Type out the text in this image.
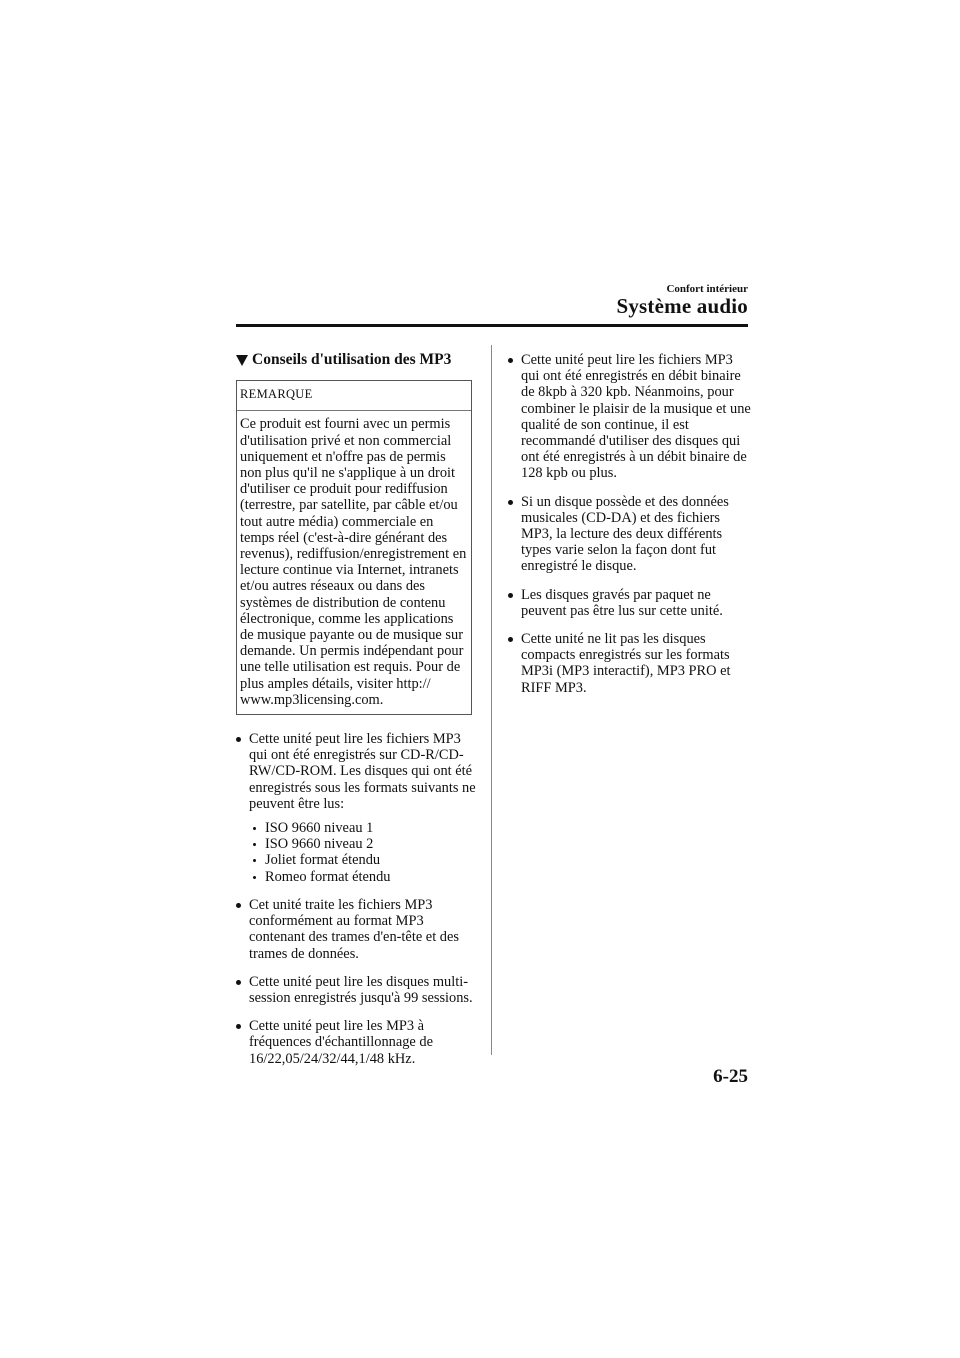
Confort intérieur
Système audio
Conseils d'utilisation des MP3
REMARQUE
Ce produit est fourni avec un permis d'utilisation privé et non commercial uniquement et n'offre pas de permis non plus qu'il ne s'applique à un droit d'utiliser ce produit pour rediffusion (terrestre, par satellite, par câble et/ou tout autre média) commerciale en temps réel (c'est-à-dire générant des revenus), rediffusion/enregistrement en lecture continue via Internet, intranets et/ou autres réseaux ou dans des systèmes de distribution de contenu électronique, comme les applications de musique payante ou de musique sur demande. Un permis indépendant pour une telle utilisation est requis. Pour de plus amples détails, visiter http:// www.mp3licensing.com.
Cette unité peut lire les fichiers MP3 qui ont été enregistrés sur CD-R/CD-RW/CD-ROM. Les disques qui ont été enregistrés sous les formats suivants ne peuvent être lus:
ISO 9660 niveau 1
ISO 9660 niveau 2
Joliet format étendu
Romeo format étendu
Cet unité traite les fichiers MP3 conformément au format MP3 contenant des trames d'en-tête et des trames de données.
Cette unité peut lire les disques multi-session enregistrés jusqu'à 99 sessions.
Cette unité peut lire les MP3 à fréquences d'échantillonnage de 16/22,05/24/32/44,1/48 kHz.
Cette unité peut lire les fichiers MP3 qui ont été enregistrés en débit binaire de 8kpb à 320 kpb. Néanmoins, pour combiner le plaisir de la musique et une qualité de son continue, il est recommandé d'utiliser des disques qui ont été enregistrés à un débit binaire de 128 kpb ou plus.
Si un disque possède et des données musicales (CD-DA) et des fichiers MP3, la lecture des deux différents types varie selon la façon dont fut enregistré le disque.
Les disques gravés par paquet ne peuvent pas être lus sur cette unité.
Cette unité ne lit pas les disques compacts enregistrés sur les formats MP3i (MP3 interactif), MP3 PRO et RIFF MP3.
6-25
